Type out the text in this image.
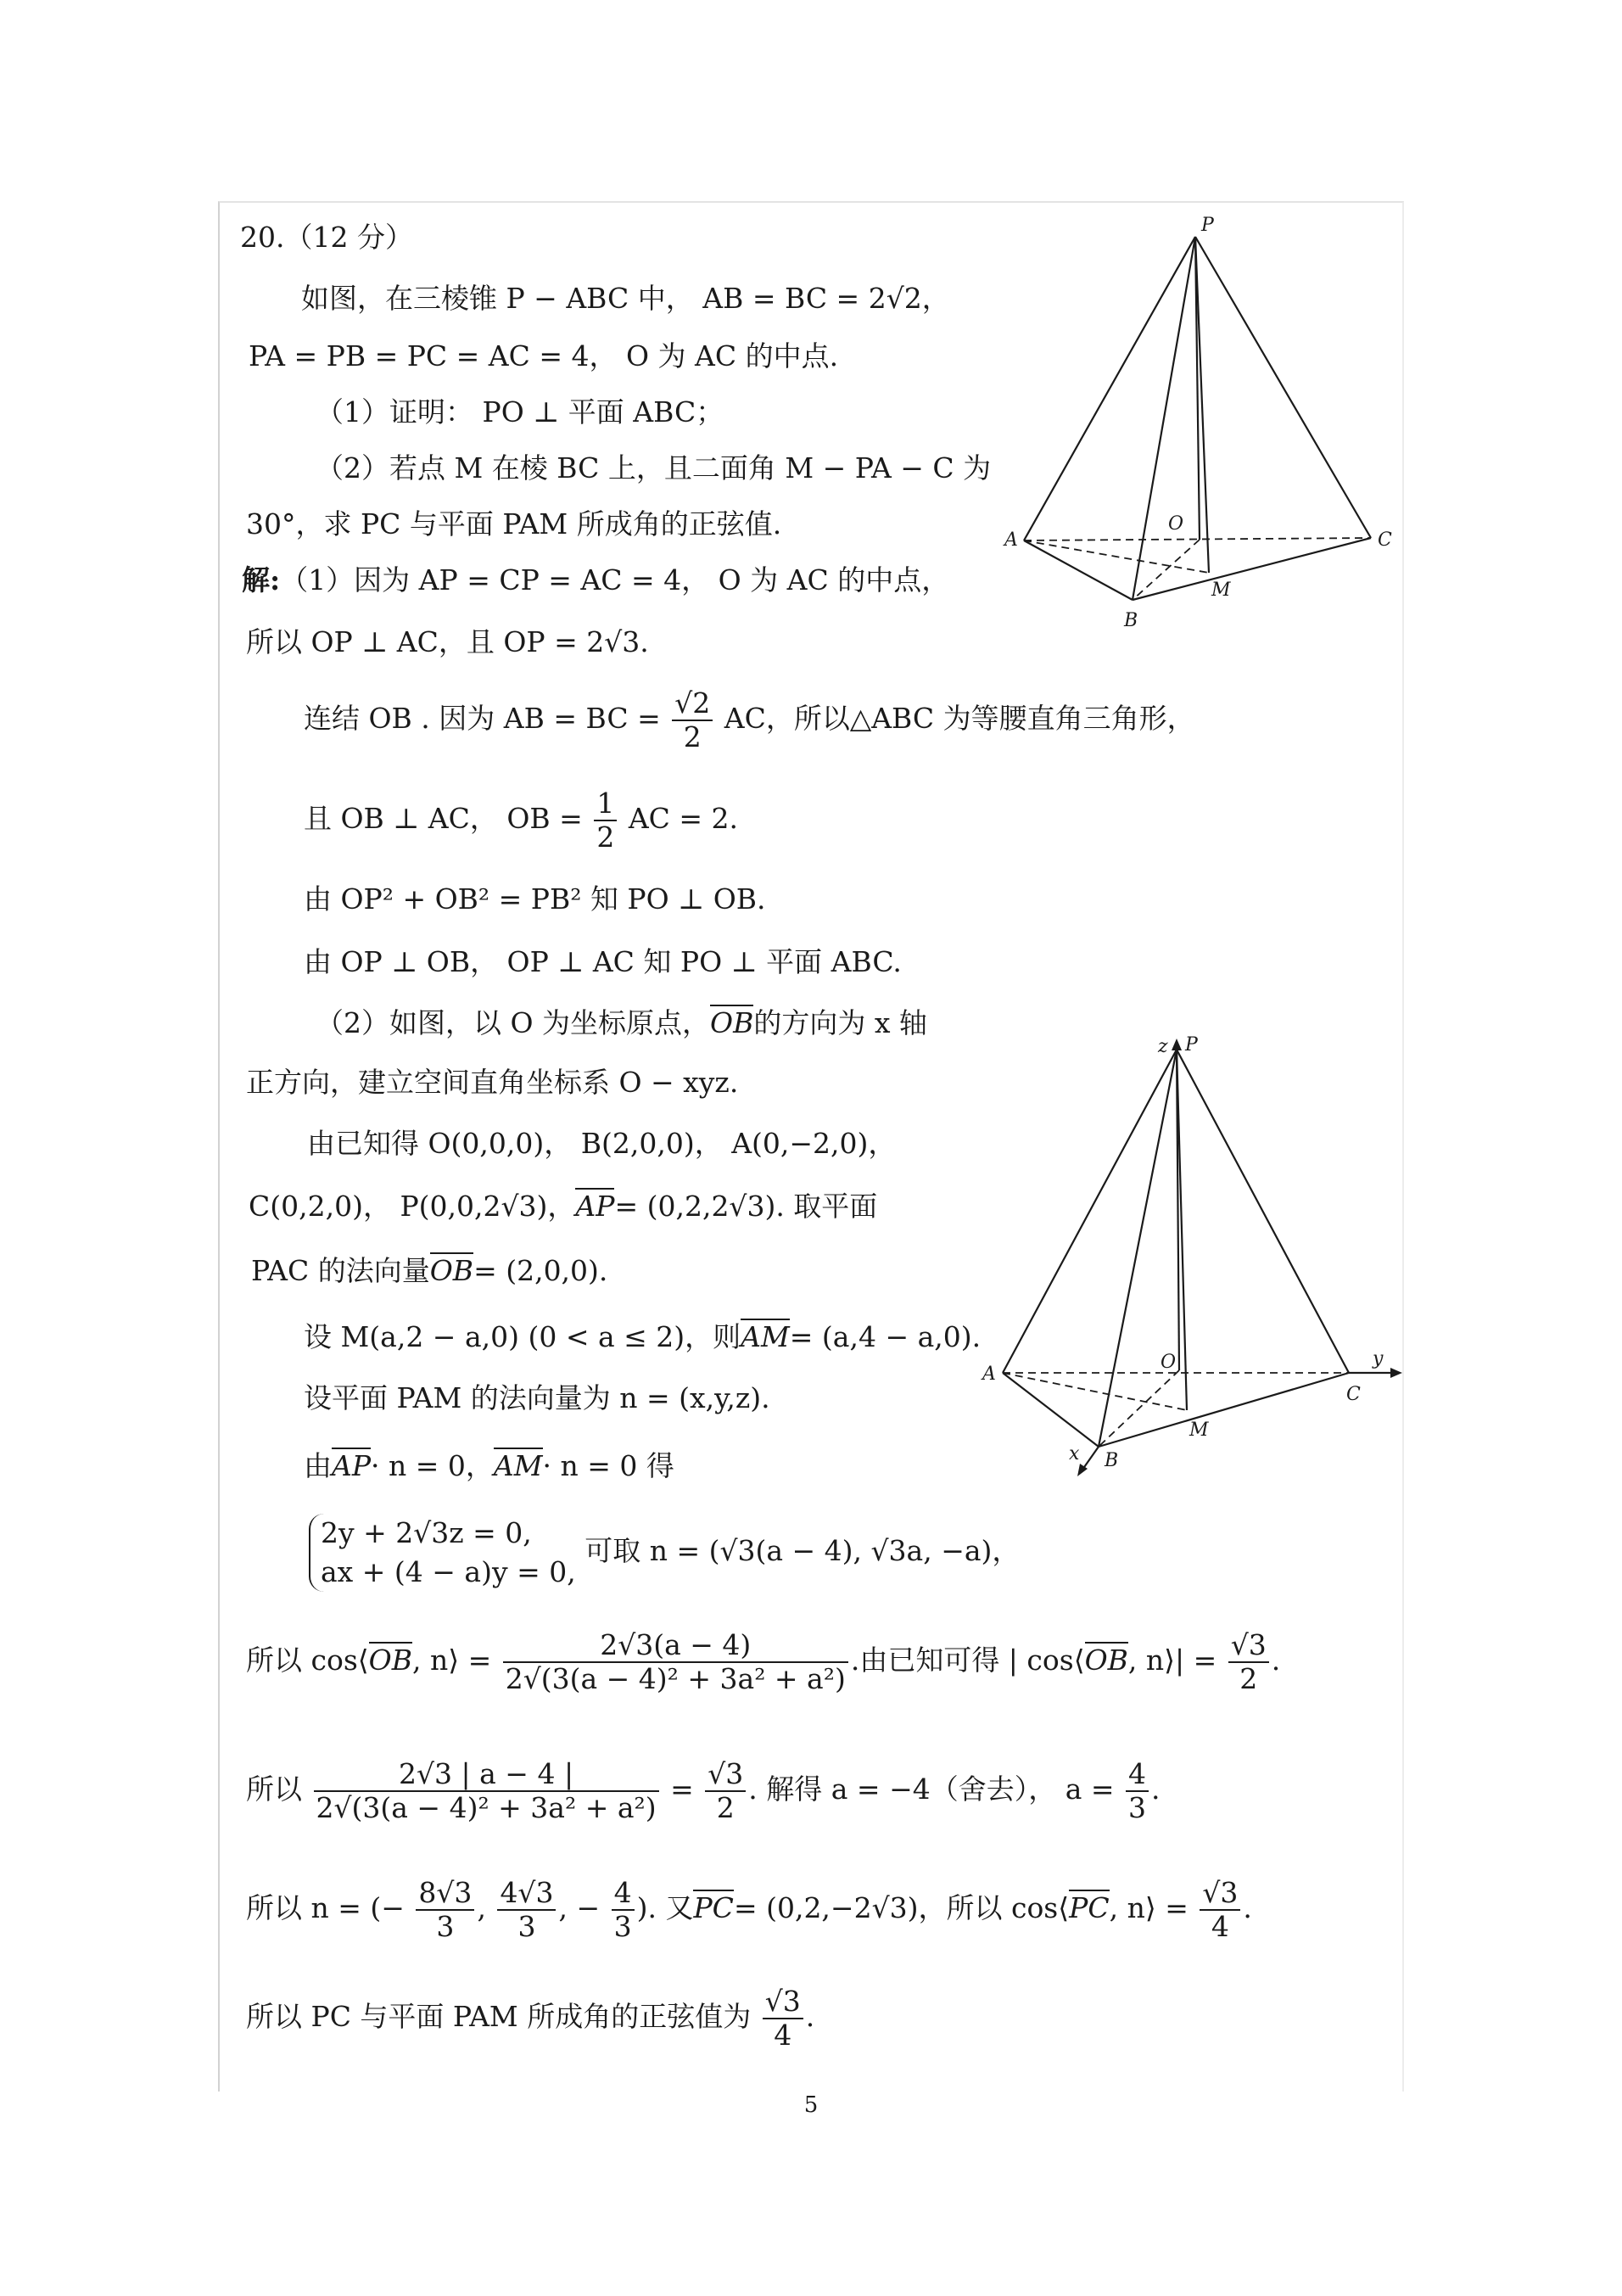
20.（12 分）
如图，在三棱锥 P − ABC 中， AB = BC = 2√2，
PA = PB = PC = AC = 4， O 为 AC 的中点.
（1）证明： PO ⊥ 平面 ABC；
（2）若点 M 在棱 BC 上，且二面角 M − PA − C 为
30°，求 PC 与平面 PAM 所成角的正弦值.
解:（1）因为 AP = CP = AC = 4， O 为 AC 的中点，
所以 OP ⊥ AC，且 OP = 2√3.
连结 OB . 因为 AB = BC = $\frac{√2}{2}$ AC，所以△ABC 为等腰直角三角形，
且 OB ⊥ AC， OB = $\frac{1}{2}$ AC = 2.
由 OP² + OB² = PB² 知 PO ⊥ OB.
由 OP ⊥ OB， OP ⊥ AC 知 PO ⊥ 平面 ABC.
（2）如图，以 O 为坐标原点，OB的方向为 x 轴
正方向，建立空间直角坐标系 O − xyz.
由已知得 O(0,0,0)， B(2,0,0)， A(0,−2,0)，
C(0,2,0)， P(0,0,2√3)，AP= (0,2,2√3). 取平面
PAC 的法向量OB= (2,0,0).
设 M(a,2 − a,0) (0 < a ≤ 2)，则AM= (a,4 − a,0).
设平面 PAM 的法向量为 n = (x,y,z).
由AP· n = 0，AM· n = 0 得
2y + 2√3z = 0,
ax + (4 − a)y = 0,
可取 n = (√3(a − 4), √3a, −a)，
所以 cos⟨OB, n⟩ = $\frac{2√3(a - 4)}{\text{2√(3(a − 4)² + 3a² + a²)}}$ .由已知可得 | cos⟨OB, n⟩| = $\frac{√3}{2}$ .
所以 $\frac{2√3 | a - 4 |}{\text{2√(3(a − 4)² + 3a² + a²)}} = \frac{√3}{2}$ . 解得 a = −4（舍去）， $a = \frac{4}{3}$ .
所以 n = (− $\frac{8√3}{3}$ , $\frac{4√3}{3}$ , − $\frac{4}{3}$ ). 又PC= (0,2,−2√3)，所以 cos⟨PC, n⟩ = $\frac{√3}{4}$ .
所以 PC 与平面 PAM 所成角的正弦值为 $\frac{√3}{4}$ .
P
A	C
B
O
M
z P
A
C
y
O
M
B
x
5
